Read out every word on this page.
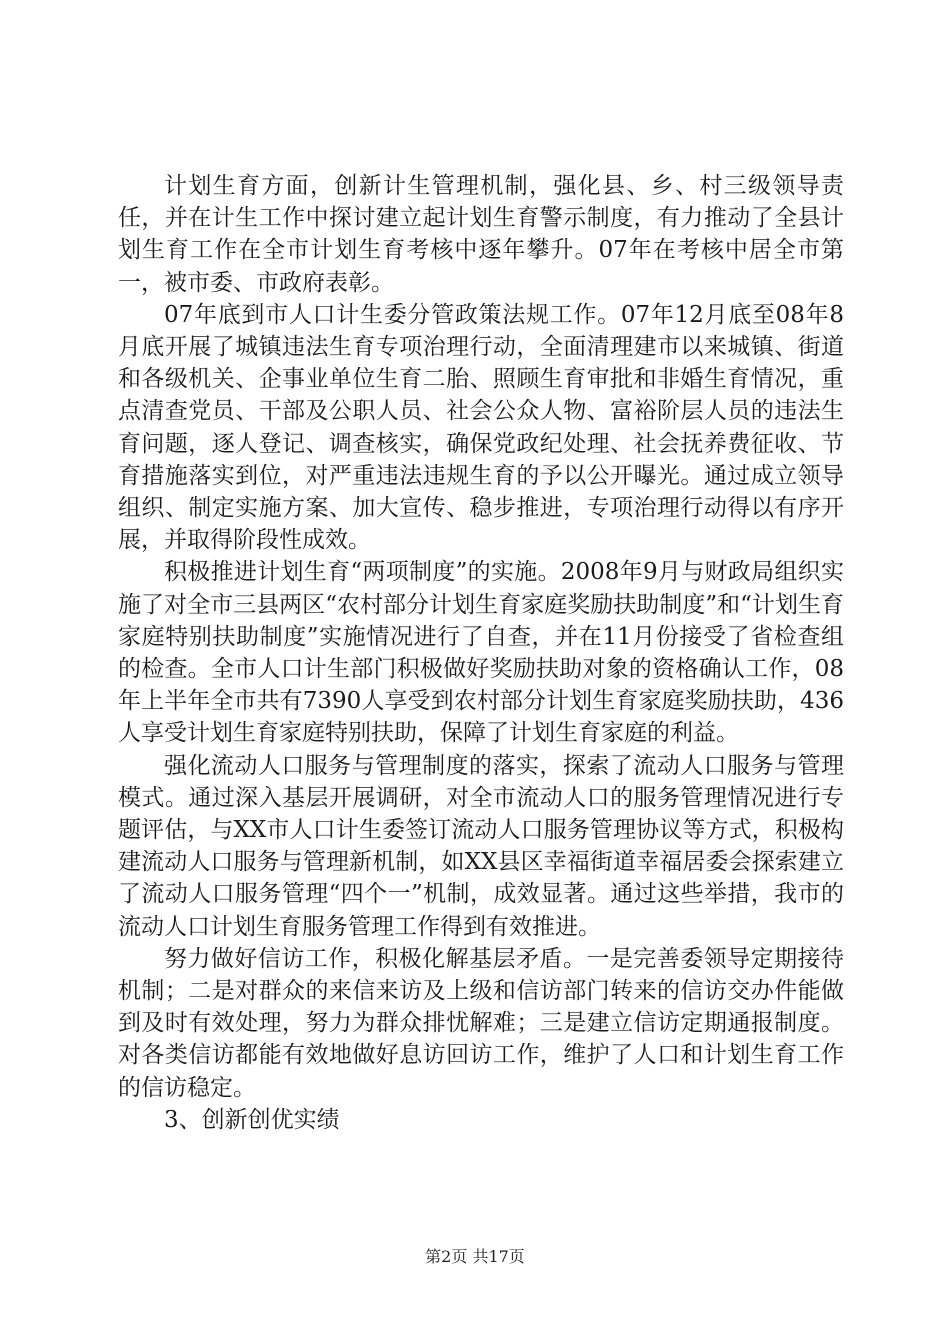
计划生育方面，创新计生管理机制，强化县、乡、村三级领导责任，并在计生工作中探讨建立起计划生育警示制度，有力推动了全县计划生育工作在全市计划生育考核中逐年攀升。07年在考核中居全市第一，被市委、市政府表彰。

07年底到市人口计生委分管政策法规工作。07年12月底至08年8月底开展了城镇违法生育专项治理行动，全面清理建市以来城镇、街道和各级机关、企事业单位生育二胎、照顾生育审批和非婚生育情况，重点清查党员、干部及公职人员、社会公众人物、富裕阶层人员的违法生育问题，逐人登记、调查核实，确保党政纪处理、社会抚养费征收、节育措施落实到位，对严重违法违规生育的予以公开曝光。通过成立领导组织、制定实施方案、加大宣传、稳步推进，专项治理行动得以有序开展，并取得阶段性成效。

积极推进计划生育“两项制度”的实施。2008年9月与财政局组织实施了对全市三县两区“农村部分计划生育家庭奖励扶助制度”和“计划生育家庭特别扶助制度”实施情况进行了自查，并在11月份接受了省检查组的检查。全市人口计生部门积极做好奖励扶助对象的资格确认工作，08年上半年全市共有7390人享受到农村部分计划生育家庭奖励扶助，436人享受计划生育家庭特别扶助，保障了计划生育家庭的利益。

强化流动人口服务与管理制度的落实，探索了流动人口服务与管理模式。通过深入基层开展调研，对全市流动人口的服务管理情况进行专题评估，与XX市人口计生委签订流动人口服务管理协议等方式，积极构建流动人口服务与管理新机制，如XX县区幸福街道幸福居委会探索建立了流动人口服务管理“四个一”机制，成效显著。通过这些举措，我市的流动人口计划生育服务管理工作得到有效推进。

努力做好信访工作，积极化解基层矛盾。一是完善委领导定期接待机制；二是对群众的来信来访及上级和信访部门转来的信访交办件能做到及时有效处理，努力为群众排忧解难；三是建立信访定期通报制度。对各类信访都能有效地做好息访回访工作，维护了人口和计划生育工作的信访稳定。

3、创新创优实绩

第2页 共17页
